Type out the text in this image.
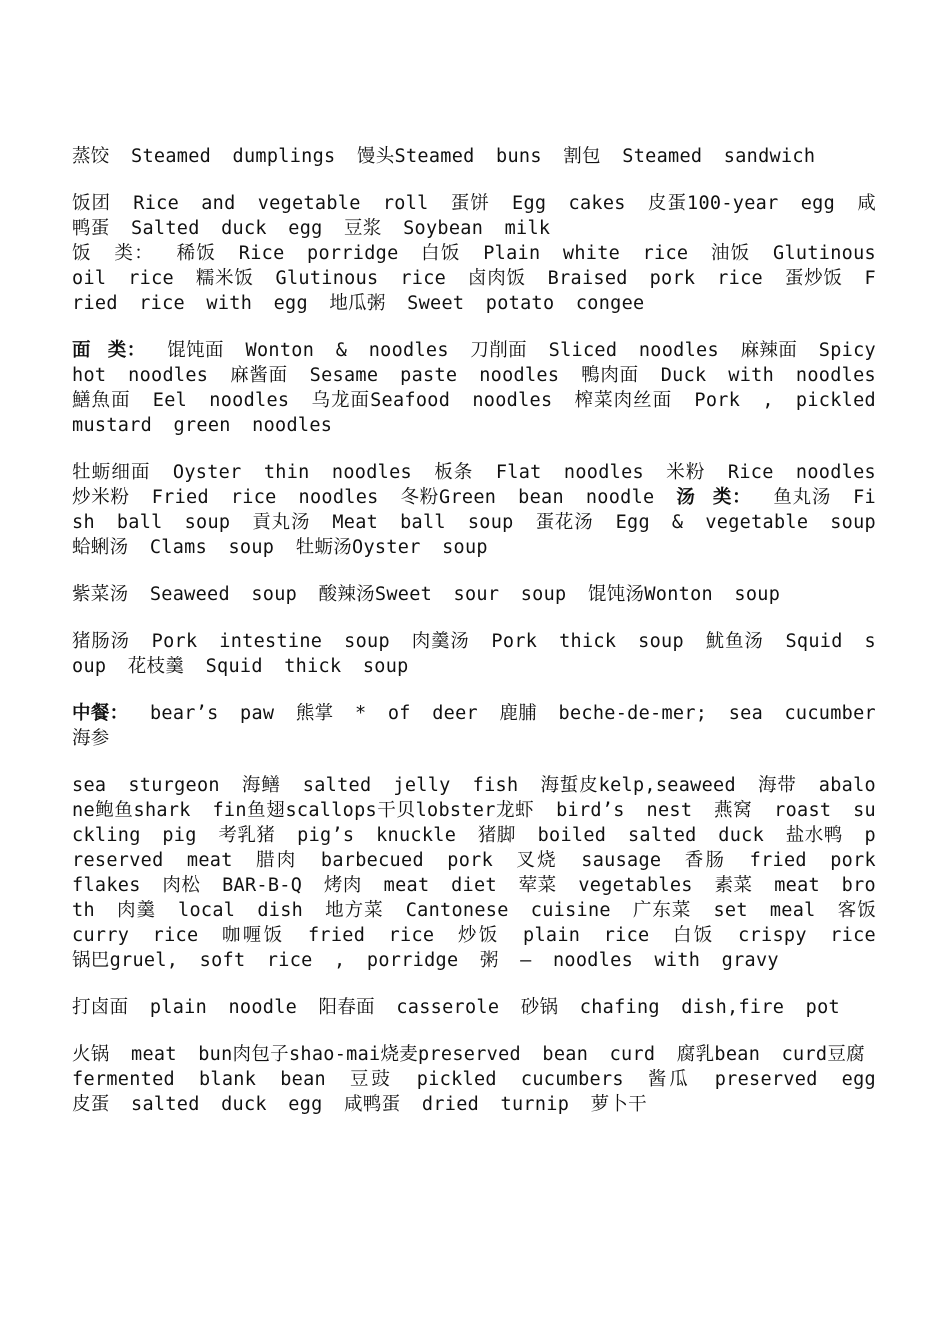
蒸饺 Steamed dumplings 馒头Steamed buns 割包 Steamed sandwich

饭团 Rice and vegetable roll 蛋饼 Egg cakes 皮蛋100-year egg 咸鸭蛋 Salted duck egg 豆浆 Soybean milk

饭 类： 稀饭 Rice porridge 白饭 Plain white rice 油饭 Glutinous oil rice 糯米饭 Glutinous rice 卤肉饭 Braised pork rice 蛋炒饭 Fried rice with egg 地瓜粥 Sweet potato congee

面 类： 馄饨面 Wonton & noodles 刀削面 Sliced noodles 麻辣面 Spicy hot noodles 麻酱面 Sesame paste noodles 鴨肉面 Duck with noodles 鱔魚面 Eel noodles 乌龙面Seafood noodles 榨菜肉丝面 Pork , pickled mustard green noodles

牡蛎细面 Oyster thin noodles 板条 Flat noodles 米粉 Rice noodles 炒米粉 Fried rice noodles 冬粉Green bean noodle 汤 类： 鱼丸汤 Fish ball soup 貢丸汤 Meat ball soup 蛋花汤 Egg & vegetable soup 蛤蜊汤 Clams soup 牡蛎汤Oyster soup

紫菜汤 Seaweed soup 酸辣汤Sweet sour soup 馄饨汤Wonton soup

猪肠汤 Pork intestine soup 肉羹汤 Pork thick soup 魷鱼汤 Squid soup 花枝羹 Squid thick soup

中餐： bear’s paw 熊掌 * of deer 鹿脯 beche-de-mer; sea cucumber 海参

sea sturgeon 海鳝 salted jelly fish 海蜇皮kelp,seaweed 海带 abalone鲍鱼shark fin鱼翅scallops干贝lobster龙虾 bird’s nest 燕窝 roast suckling pig 考乳猪 pig’s knuckle 猪脚 boiled salted duck 盐水鸭 preserved meat 腊肉 barbecued pork 叉烧 sausage 香肠 fried pork flakes 肉松 BAR-B-Q 烤肉 meat diet 荤菜 vegetables 素菜 meat broth 肉羹 local dish 地方菜 Cantonese cuisine 广东菜 set meal 客饭 curry rice 咖喱饭 fried rice 炒饭 plain rice 白饭 crispy rice 锅巴gruel, soft rice , porridge 粥 — noodles with gravy

打卤面 plain noodle 阳春面 casserole 砂锅 chafing dish,fire pot

火锅 meat bun肉包子shao-mai烧麦preserved bean curd 腐乳bean curd豆腐

fermented blank bean 豆豉 pickled cucumbers 酱瓜 preserved egg 皮蛋 salted duck egg 咸鸭蛋 dried turnip 萝卜干
